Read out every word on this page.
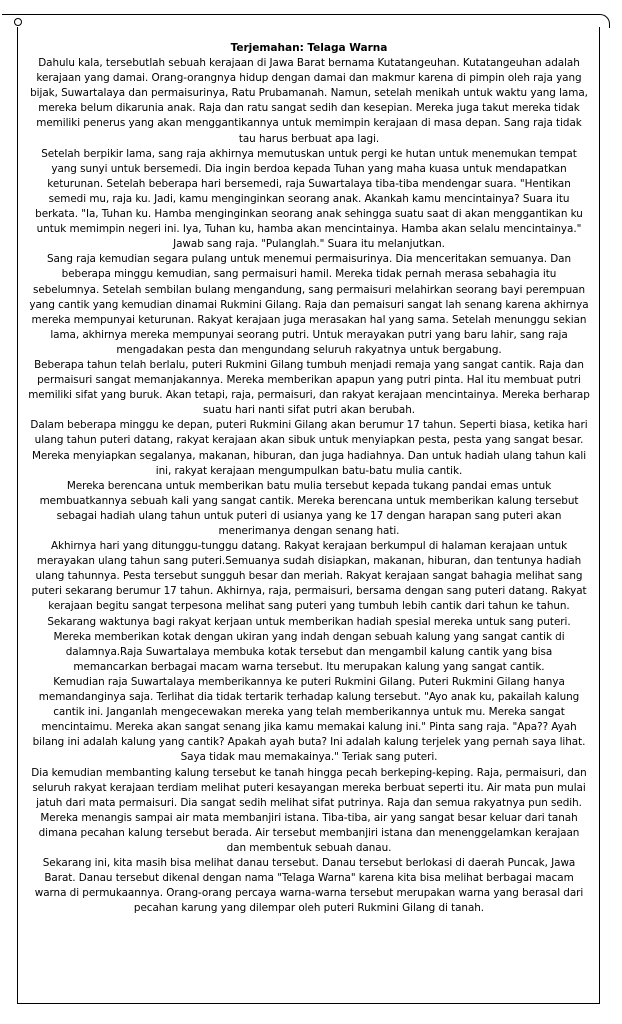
Terjemahan: Telaga Warna

Dahulu kala, tersebutlah sebuah kerajaan di Jawa Barat bernama Kutatangeuhan. Kutatangeuhan adalah kerajaan yang damai. Orang-orangnya hidup dengan damai dan makmur karena di pimpin oleh raja yang bijak, Suwartalaya dan permaisurinya, Ratu Prubamanah. Namun, setelah menikah untuk waktu yang lama, mereka belum dikarunia anak. Raja dan ratu sangat sedih dan kesepian. Mereka juga takut mereka tidak memiliki penerus yang akan menggantikannya untuk memimpin kerajaan di masa depan. Sang raja tidak tau harus berbuat apa lagi.

Setelah berpikir lama, sang raja akhirnya memutuskan untuk pergi ke hutan untuk menemukan tempat yang sunyi untuk bersemedi. Dia ingin berdoa kepada Tuhan yang maha kuasa untuk mendapatkan keturunan. Setelah beberapa hari bersemedi, raja Suwartalaya tiba-tiba mendengar suara. "Hentikan semedi mu, raja ku. Jadi, kamu menginginkan seorang anak. Akankah kamu mencintainya? Suara itu berkata. "Ia, Tuhan ku. Hamba menginginkan seorang anak sehingga suatu saat di akan menggantikan ku untuk memimpin negeri ini. Iya, Tuhan ku, hamba akan mencintainya. Hamba akan selalu mencintainya." Jawab sang raja. "Pulanglah." Suara itu melanjutkan.

Sang raja kemudian segara pulang untuk menemui permaisurinya. Dia menceritakan semuanya. Dan beberapa minggu kemudian, sang permaisuri hamil. Mereka tidak pernah merasa sebahagia itu sebelumnya. Setelah sembilan bulang mengandung, sang permaisuri melahirkan seorang bayi perempuan yang cantik yang kemudian dinamai Rukmini Gilang. Raja dan pemaisuri sangat lah senang karena akhirnya mereka mempunyai keturunan. Rakyat kerajaan juga merasakan hal yang sama. Setelah menunggu sekian lama, akhirnya mereka mempunyai seorang putri. Untuk merayakan putri yang baru lahir, sang raja mengadakan pesta dan mengundang seluruh rakyatnya untuk bergabung.

Beberapa tahun telah berlalu, puteri Rukmini Gilang tumbuh menjadi remaja yang sangat cantik. Raja dan permaisuri sangat memanjakannya. Mereka memberikan apapun yang putri pinta. Hal itu membuat putri memiliki sifat yang buruk. Akan tetapi, raja, permaisuri, dan rakyat kerajaan mencintainya. Mereka berharap suatu hari nanti sifat putri akan berubah.

Dalam beberapa minggu ke depan, puteri Rukmini Gilang akan berumur 17 tahun. Seperti biasa, ketika hari ulang tahun puteri datang, rakyat kerajaan akan sibuk untuk menyiapkan pesta, pesta yang sangat besar. Mereka menyiapkan segalanya, makanan, hiburan, dan juga hadiahnya. Dan untuk hadiah ulang tahun kali ini, rakyat kerajaan mengumpulkan batu-batu mulia cantik.

Mereka berencana untuk memberikan batu mulia tersebut kepada tukang pandai emas untuk membuatkannya sebuah kali yang sangat cantik. Mereka berencana untuk memberikan kalung tersebut sebagai hadiah ulang tahun untuk puteri di usianya yang ke 17 dengan harapan sang puteri akan menerimanya dengan senang hati.

Akhirnya hari yang ditunggu-tunggu datang. Rakyat kerajaan berkumpul di halaman kerajaan untuk merayakan ulang tahun sang puteri.Semuanya sudah disiapkan, makanan, hiburan, dan tentunya hadiah ulang tahunnya. Pesta tersebut sungguh besar dan meriah. Rakyat kerajaan sangat bahagia melihat sang puteri sekarang berumur 17 tahun. Akhirnya, raja, permaisuri, bersama dengan sang puteri datang. Rakyat kerajaan begitu sangat terpesona melihat sang puteri yang tumbuh lebih cantik dari tahun ke tahun.

Sekarang waktunya bagi rakyat kerjaan untuk memberikan hadiah spesial mereka untuk sang puteri. Mereka memberikan kotak dengan ukiran yang indah dengan sebuah kalung yang sangat cantik di dalamnya.Raja Suwartalaya membuka kotak tersebut dan mengambil kalung cantik yang bisa memancarkan berbagai macam warna tersebut. Itu merupakan kalung yang sangat cantik.

Kemudian raja Suwartalaya memberikannya ke puteri Rukmini Gilang. Puteri Rukmini Gilang hanya memandanginya saja. Terlihat dia tidak tertarik terhadap kalung tersebut. "Ayo anak ku, pakailah kalung cantik ini. Janganlah mengecewakan mereka yang telah memberikannya untuk mu. Mereka sangat mencintaimu. Mereka akan sangat senang jika kamu memakai kalung ini." Pinta sang raja. "Apa?? Ayah bilang ini adalah kalung yang cantik? Apakah ayah buta? Ini adalah kalung terjelek yang pernah saya lihat. Saya tidak mau memakainya." Teriak sang puteri.

Dia kemudian membanting kalung tersebut ke tanah hingga pecah berkeping-keping. Raja, permaisuri, dan seluruh rakyat kerajaan terdiam melihat puteri kesayangan mereka berbuat seperti itu. Air mata pun mulai jatuh dari mata permaisuri. Dia sangat sedih melihat sifat putrinya. Raja dan semua rakyatnya pun sedih. Mereka menangis sampai air mata membanjiri istana. Tiba-tiba, air yang sangat besar keluar dari tanah dimana pecahan kalung tersebut berada. Air tersebut membanjiri istana dan menenggelamkan kerajaan dan membentuk sebuah danau.

Sekarang ini, kita masih bisa melihat danau tersebut. Danau tersebut berlokasi di daerah Puncak, Jawa Barat. Danau tersebut dikenal dengan nama "Telaga Warna" karena kita bisa melihat berbagai macam warna di permukaannya. Orang-orang percaya warna-warna tersebut merupakan warna yang berasal dari pecahan karung yang dilempar oleh puteri Rukmini Gilang di tanah.
